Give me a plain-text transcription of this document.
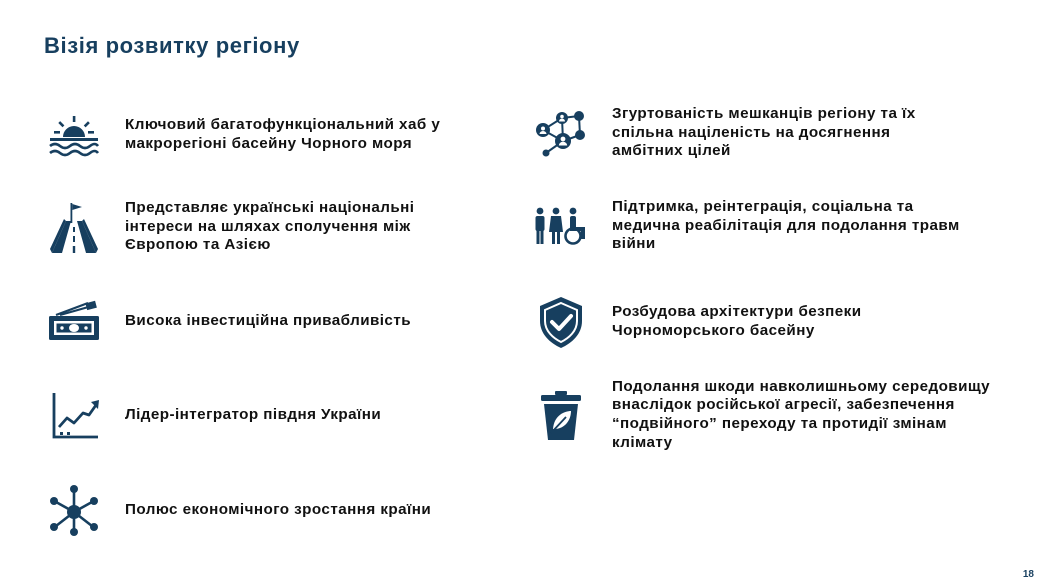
Візія розвитку регіону
Ключовий багатофункціональний хаб у макрорегіоні басейну Чорного моря
Представляє українські національні інтереси на шляхах сполучення між Європою та Азією
Висока інвестиційна привабливість
Лідер-інтегратор півдня України
Полюс економічного зростання країни
Згуртованість мешканців регіону та їх спільна націленість на досягнення амбітних цілей
Підтримка, реінтеграція, соціальна та медична реабілітація для подолання травм війни
Розбудова архітектури безпеки Чорноморського басейну
Подолання шкоди навколишньому середовищу внаслідок російської агресії, забезпечення “подвійного” переходу та протидії змінам клімату
18
